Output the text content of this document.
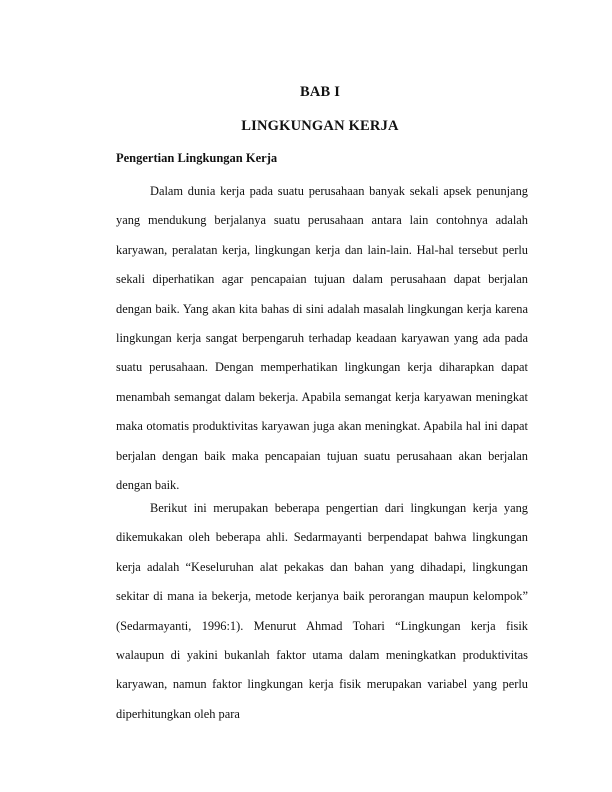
BAB I
LINGKUNGAN KERJA
Pengertian Lingkungan Kerja

Dalam dunia kerja pada suatu perusahaan banyak sekali apsek penunjang yang mendukung berjalanya suatu perusahaan antara lain contohnya adalah karyawan, peralatan kerja, lingkungan kerja dan lain-lain. Hal-hal tersebut perlu sekali diperhatikan agar pencapaian tujuan dalam perusahaan dapat berjalan dengan baik. Yang akan kita bahas di sini adalah masalah lingkungan kerja karena lingkungan kerja sangat berpengaruh terhadap keadaan karyawan yang ada pada suatu perusahaan. Dengan memperhatikan lingkungan kerja diharapkan dapat menambah semangat dalam bekerja. Apabila semangat kerja karyawan meningkat maka otomatis produktivitas karyawan juga akan meningkat. Apabila hal ini dapat berjalan dengan baik maka pencapaian tujuan suatu perusahaan akan berjalan dengan baik.

Berikut ini merupakan beberapa pengertian dari lingkungan kerja yang dikemukakan oleh beberapa ahli. Sedarmayanti berpendapat bahwa lingkungan kerja adalah “Keseluruhan alat pekakas dan bahan yang dihadapi, lingkungan sekitar di mana ia bekerja, metode kerjanya baik perorangan maupun kelompok” (Sedarmayanti, 1996:1). Menurut Ahmad Tohari “Lingkungan kerja fisik walaupun di yakini bukanlah faktor utama dalam meningkatkan produktivitas karyawan, namun faktor lingkungan kerja fisik merupakan variabel yang perlu diperhitungkan oleh para
